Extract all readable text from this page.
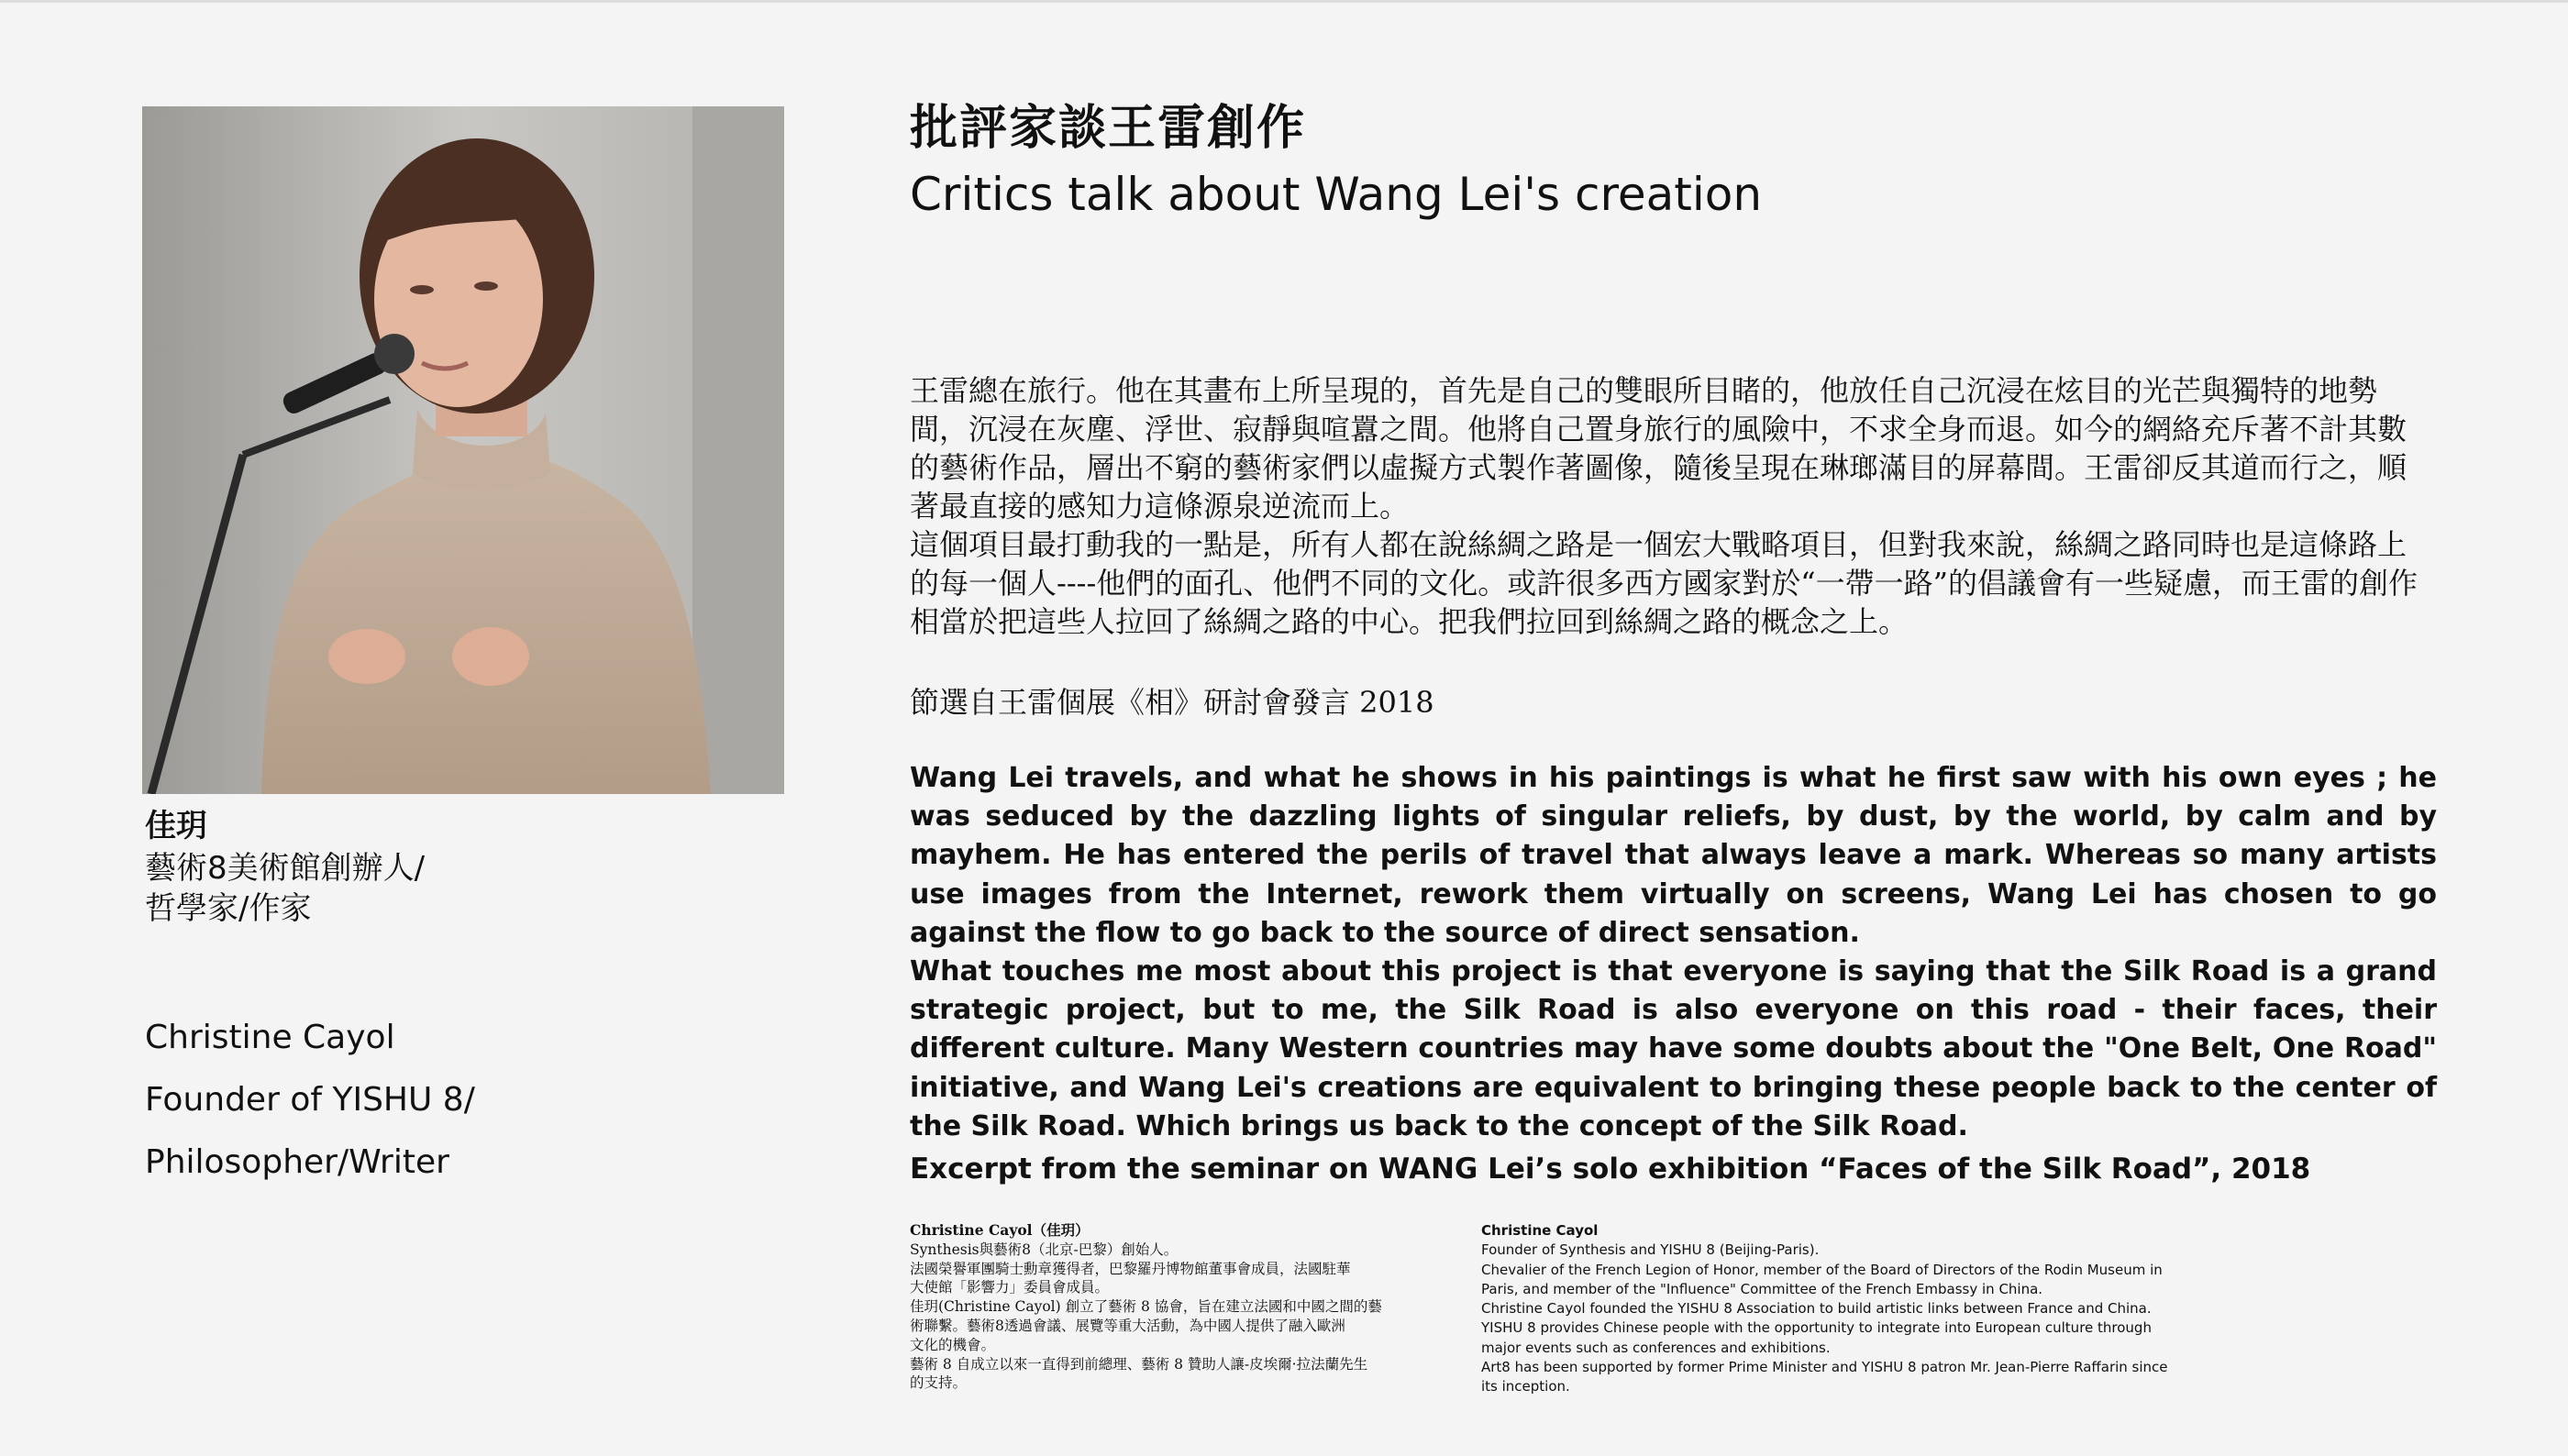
佳玥
藝術8美術館創辦人/
哲學家/作家
Christine Cayol
Founder of YISHU 8/
Philosopher/Writer
批評家談王雷創作
Critics talk about Wang Lei's creation

王雷總在旅行。他在其畫布上所呈現的，首先是自己的雙眼所目睹的，他放任自己沉浸在炫目的光芒與獨特的地勢間，沉浸在灰塵、浮世、寂靜與喧囂之間。他將自己置身旅行的風險中，不求全身而退。如今的網絡充斥著不計其數的藝術作品，層出不窮的藝術家們以虛擬方式製作著圖像，隨後呈現在琳瑯滿目的屏幕間。王雷卻反其道而行之，順著最直接的感知力這條源泉逆流而上。

這個項目最打動我的一點是，所有人都在說絲綢之路是一個宏大戰略項目，但對我來說，絲綢之路同時也是這條路上的每一個人----他們的面孔、他們不同的文化。或許很多西方國家對於“一帶一路”的倡議會有一些疑慮，而王雷的創作相當於把這些人拉回了絲綢之路的中心。把我們拉回到絲綢之路的概念之上。

節選自王雷個展《相》研討會發言 2018

Wang Lei travels, and what he shows in his paintings is what he first saw with his own eyes ; he was seduced by the dazzling lights of singular reliefs, by dust, by the world, by calm and by mayhem. He has entered the perils of travel that always leave a mark. Whereas so many artists use images from the Internet, rework them virtually on screens, Wang Lei has chosen to go against the flow to go back to the source of direct sensation.

What touches me most about this project is that everyone is saying that the Silk Road is a grand strategic project, but to me, the Silk Road is also everyone on this road - their faces, their different culture. Many Western countries may have some doubts about the "One Belt, One Road" initiative, and Wang Lei's creations are equivalent to bringing these people back to the center of the Silk Road. Which brings us back to the concept of the Silk Road.

Excerpt from the seminar on WANG Lei’s solo exhibition “Faces of the Silk Road”, 2018
Christine Cayol（佳玥）
Synthesis與藝術8（北京-巴黎）創始人。
法國榮譽軍團騎士勳章獲得者，巴黎羅丹博物館董事會成員，法國駐華
大使館「影響力」委員會成員。
佳玥(Christine Cayol) 創立了藝術 8 協會，旨在建立法國和中國之間的藝
術聯繫。藝術8透過會議、展覽等重大活動，為中國人提供了融入歐洲
文化的機會。
藝術 8 自成立以來一直得到前總理、藝術 8 贊助人讓-皮埃爾·拉法蘭先生
的支持。
Christine Cayol
Founder of Synthesis and YISHU 8 (Beijing-Paris).
Chevalier of the French Legion of Honor, member of the Board of Directors of the Rodin Museum in
Paris, and member of the "Influence" Committee of the French Embassy in China.
Christine Cayol founded the YISHU 8 Association to build artistic links between France and China.
YISHU 8 provides Chinese people with the opportunity to integrate into European culture through
major events such as conferences and exhibitions.
Art8 has been supported by former Prime Minister and YISHU 8 patron Mr. Jean-Pierre Raffarin since
its inception.
